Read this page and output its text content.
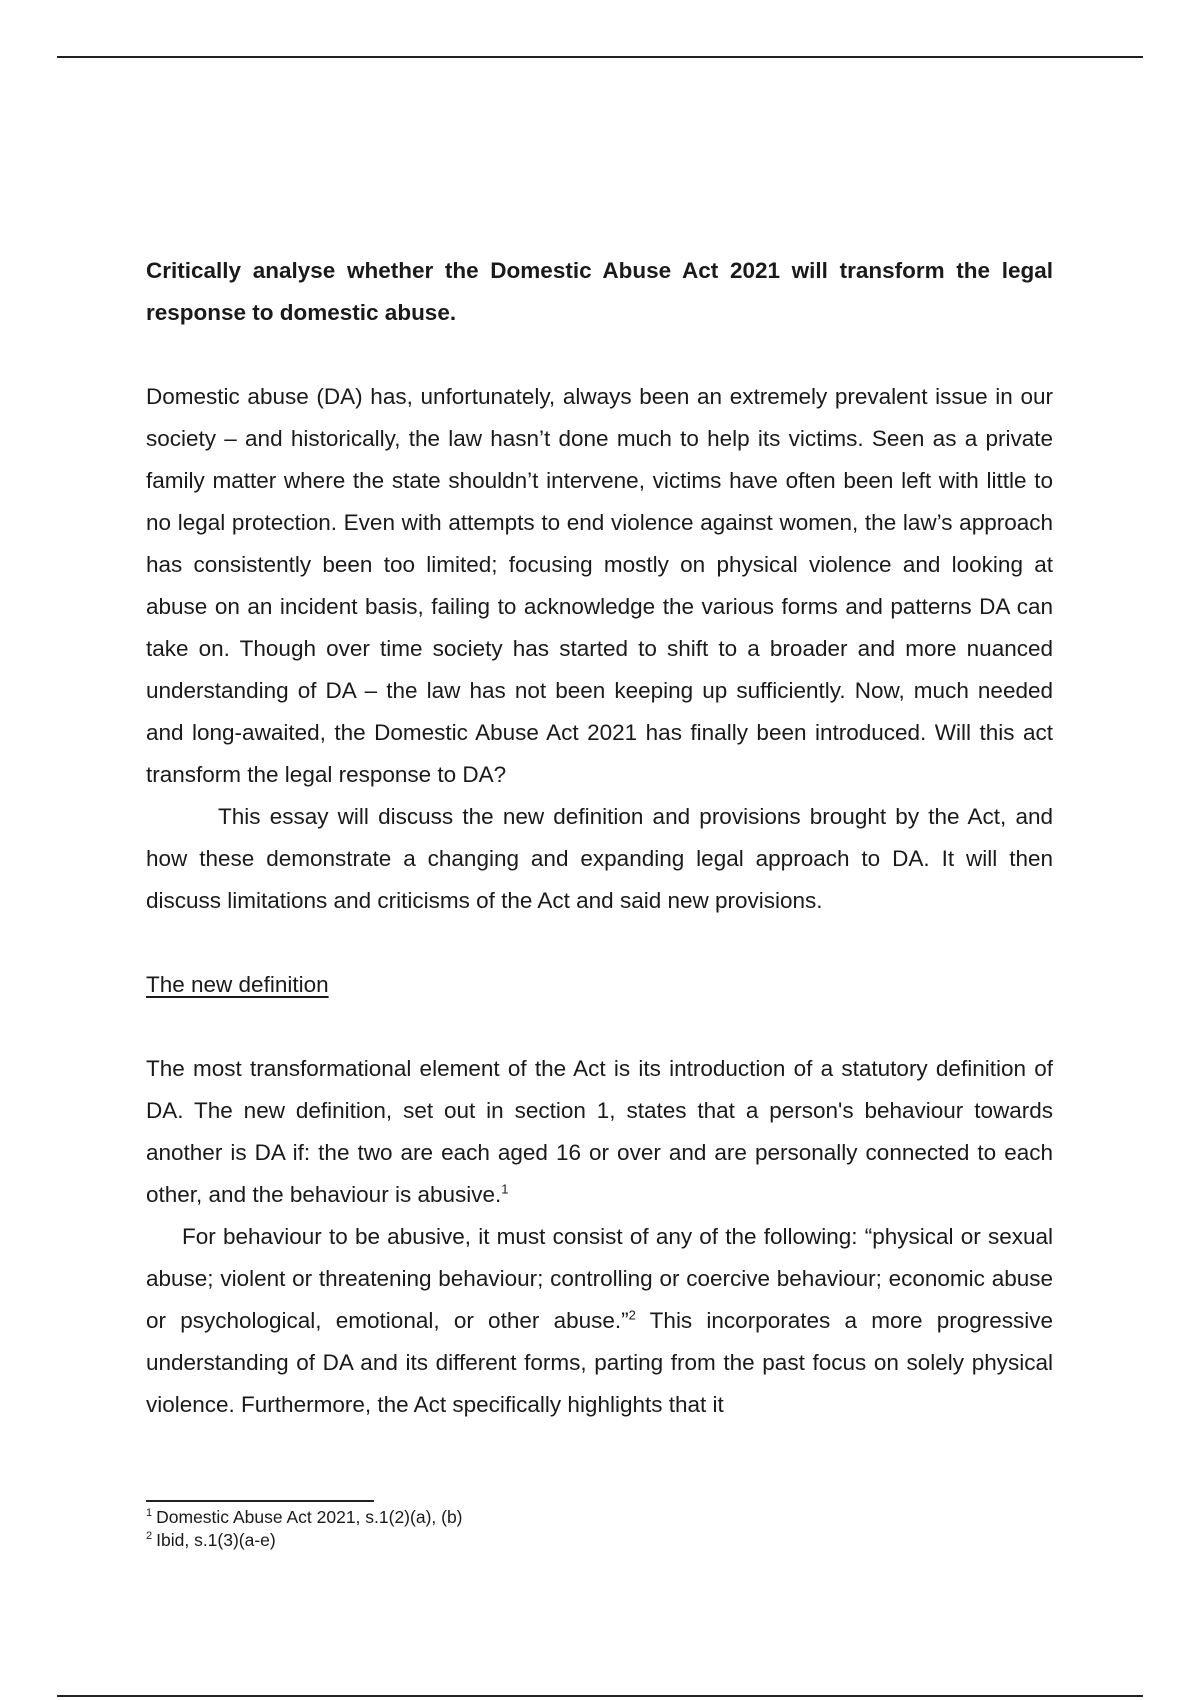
Critically analyse whether the Domestic Abuse Act 2021 will transform the legal response to domestic abuse.

Domestic abuse (DA) has, unfortunately, always been an extremely prevalent issue in our society – and historically, the law hasn’t done much to help its victims. Seen as a private family matter where the state shouldn’t intervene, victims have often been left with little to no legal protection. Even with attempts to end violence against women, the law’s approach has consistently been too limited; focusing mostly on physical violence and looking at abuse on an incident basis, failing to acknowledge the various forms and patterns DA can take on. Though over time society has started to shift to a broader and more nuanced understanding of DA – the law has not been keeping up sufficiently. Now, much needed and long-awaited, the Domestic Abuse Act 2021 has finally been introduced. Will this act transform the legal response to DA?

This essay will discuss the new definition and provisions brought by the Act, and how these demonstrate a changing and expanding legal approach to DA. It will then discuss limitations and criticisms of the Act and said new provisions.

The new definition

The most transformational element of the Act is its introduction of a statutory definition of DA. The new definition, set out in section 1, states that a person's behaviour towards another is DA if: the two are each aged 16 or over and are personally connected to each other, and the behaviour is abusive.$^1$

For behaviour to be abusive, it must consist of any of the following: “physical or sexual abuse; violent or threatening behaviour; controlling or coercive behaviour; economic abuse or psychological, emotional, or other abuse.”$^2$ This incorporates a more progressive understanding of DA and its different forms, parting from the past focus on solely physical violence. Furthermore, the Act specifically highlights that it

$^1$ Domestic Abuse Act 2021, s.1(2)(a), (b)
$^2$ Ibid, s.1(3)(a-e)
